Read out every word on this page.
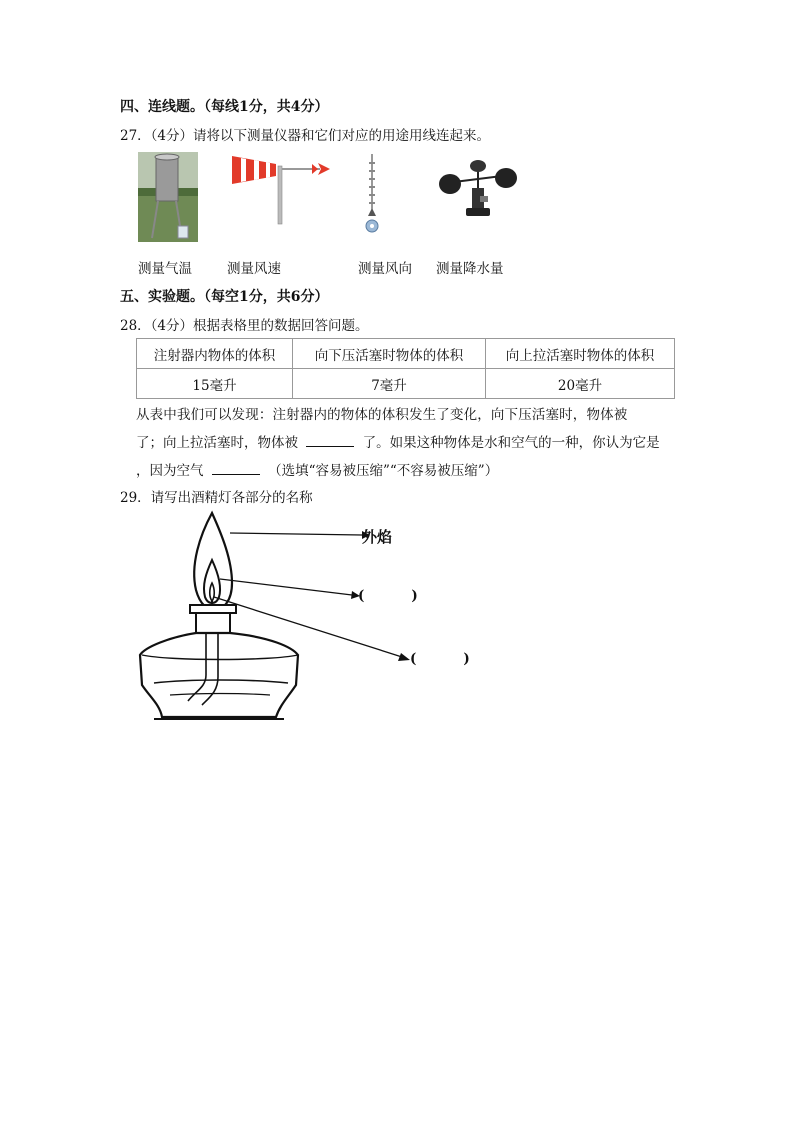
四、连线题。（每线1分，共4分）
27．（4分）请将以下测量仪器和它们对应的用途用线连起来。
测量气温	测量风速	测量风向 测量降水量
五、实验题。（每空1分，共6分）
28．（4分）根据表格里的数据回答问题。
注射器内物体的体积	向下压活塞时物体的体积	向上拉活塞时物体的体积
15毫升	7毫升	20毫升
从表中我们可以发现：注射器内的物体的体积发生了变化，向下压活塞时，物体被
了；向上拉活塞时，物体被	了。如果这种物体是水和空气的一种，你认为它是
，因为空气	（选填“容易被压缩”“不容易被压缩”）
29．请写出酒精灯各部分的名称
外焰
(          )
(          )
